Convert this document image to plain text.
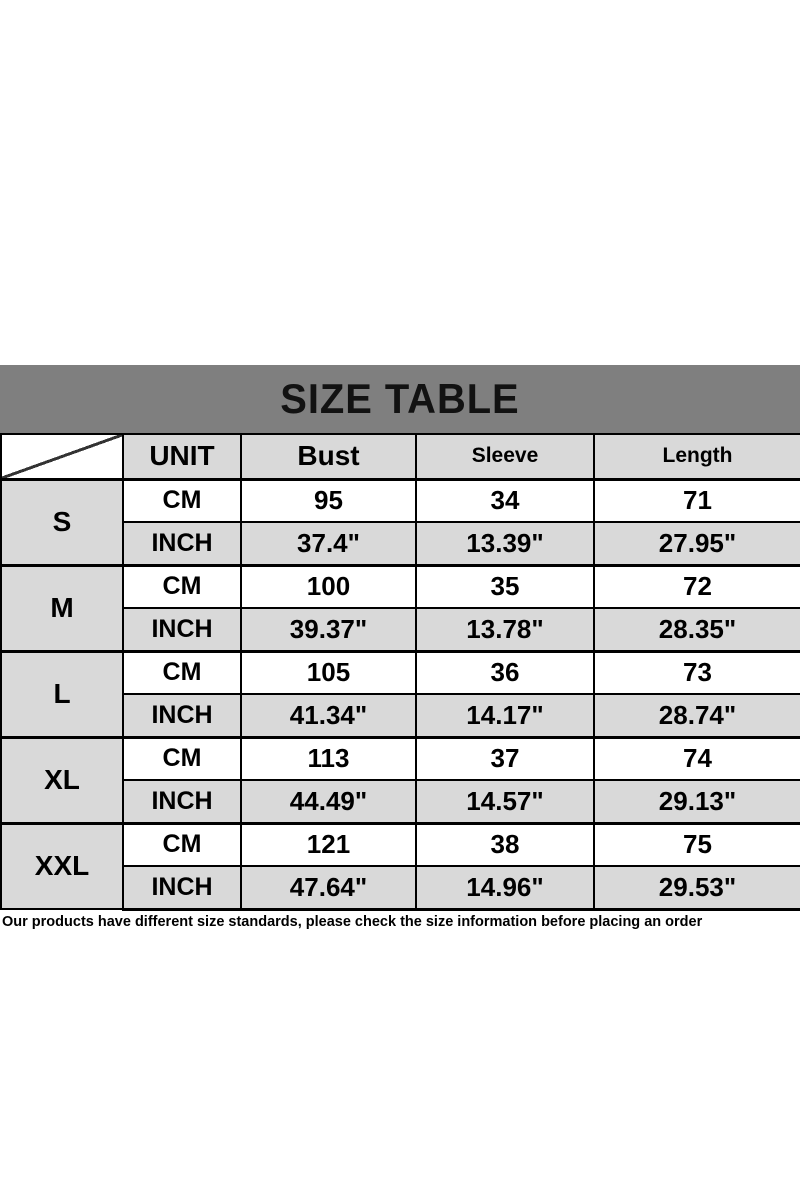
SIZE TABLE
	UNIT	Bust	Sleeve	Length
S	CM	95	34	71
	INCH	37.4"	13.39"	27.95"
M	CM	100	35	72
	INCH	39.37"	13.78"	28.35"
L	CM	105	36	73
	INCH	41.34"	14.17"	28.74"
XL	CM	113	37	74
	INCH	44.49"	14.57"	29.13"
XXL	CM	121	38	75
	INCH	47.64"	14.96"	29.53"
Our products have different size standards, please check the size information before placing an order
